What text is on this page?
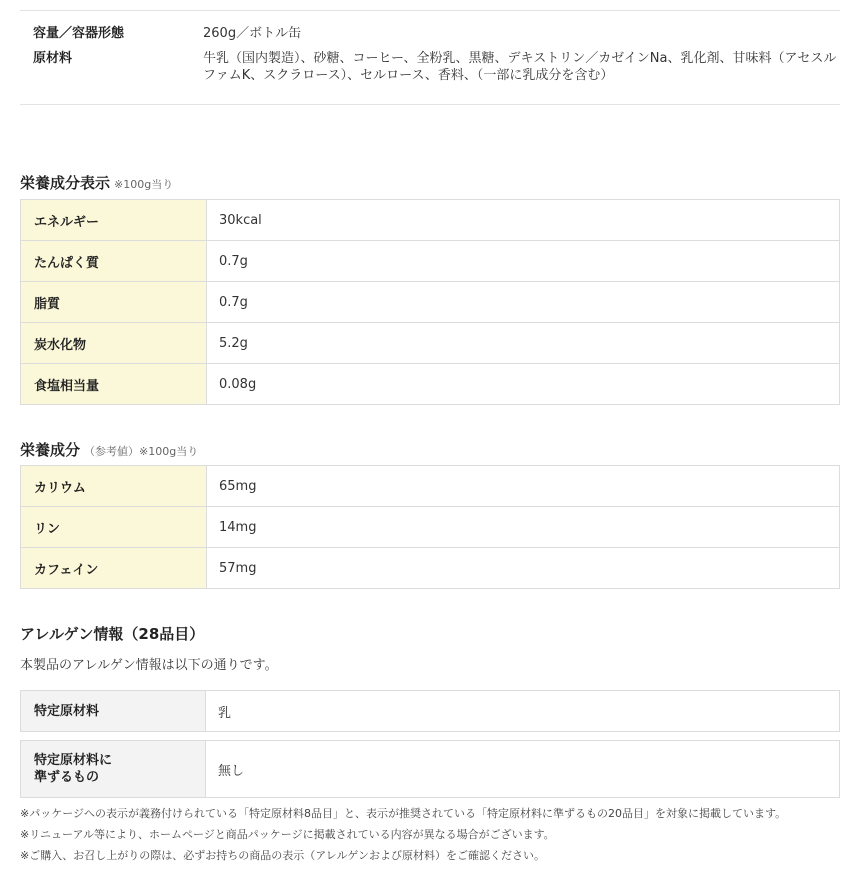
容量／容器形態	260g／ボトル缶
原材料	牛乳（国内製造）、砂糖、コーヒー、全粉乳、黒糖、デキストリン／カゼインNa、乳化剤、甘味料（アセスルファムK、スクラロース）、セルロース、香料、（一部に乳成分を含む）
栄養成分表示 ※100g当り
エネルギー	30kcal
たんぱく質	0.7g
脂質	0.7g
炭水化物	5.2g
食塩相当量	0.08g
栄養成分 （参考値）※100g当り
カリウム	65mg
リン	14mg
カフェイン	57mg
アレルゲン情報（28品目）
本製品のアレルゲン情報は以下の通りです。
特定原材料	乳
特定原材料に
準ずるもの	無し
※パッケージへの表示が義務付けられている「特定原材料8品目」と、表示が推奨されている「特定原材料に準ずるもの20品目」を対象に掲載しています。
※リニューアル等により、ホームページと商品パッケージに掲載されている内容が異なる場合がございます。
※ご購入、お召し上がりの際は、必ずお持ちの商品の表示（アレルゲンおよび原材料）をご確認ください。
